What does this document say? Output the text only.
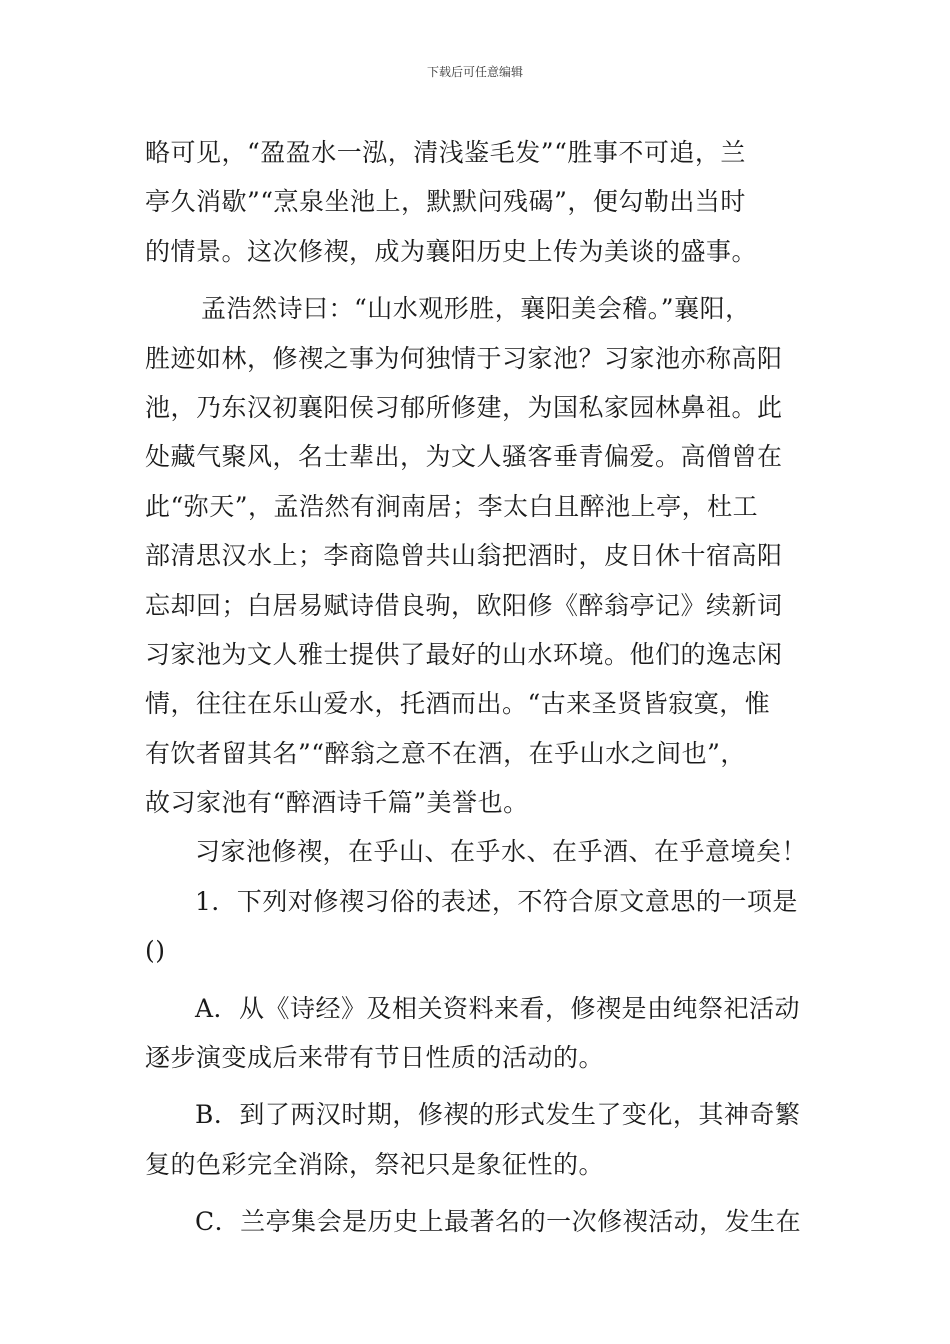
下载后可任意编辑
略可见，“盈盈水一泓，清浅鉴毛发”“胜事不可追，兰
亭久消歇”“烹泉坐池上，默默问残碣”，便勾勒出当时
的情景。这次修禊，成为襄阳历史上传为美谈的盛事。
孟浩然诗曰：“山水观形胜，襄阳美会稽。”襄阳，
胜迹如林，修禊之事为何独情于习家池？习家池亦称高阳
池，乃东汉初襄阳侯习郁所修建，为国私家园林鼻祖。此
处藏气聚风，名士辈出，为文人骚客垂青偏爱。高僧曾在
此“弥天”，孟浩然有涧南居；李太白且醉池上亭，杜工
部清思汉水上；李商隐曾共山翁把酒时，皮日休十宿高阳
忘却回；白居易赋诗借良驹，欧阳修《醉翁亭记》续新词
习家池为文人雅士提供了最好的山水环境。他们的逸志闲
情，往往在乐山爱水，托酒而出。“古来圣贤皆寂寞，惟
有饮者留其名”“醉翁之意不在酒，在乎山水之间也”，
故习家池有“醉酒诗千篇”美誉也。
习家池修禊，在乎山、在乎水、在乎酒、在乎意境矣！
1．下列对修禊习俗的表述，不符合原文意思的一项是
()
A．从《诗经》及相关资料来看，修禊是由纯祭祀活动
逐步演变成后来带有节日性质的活动的。
B．到了两汉时期，修禊的形式发生了变化，其神奇繁
复的色彩完全消除，祭祀只是象征性的。
C．兰亭集会是历史上最著名的一次修禊活动，发生在
